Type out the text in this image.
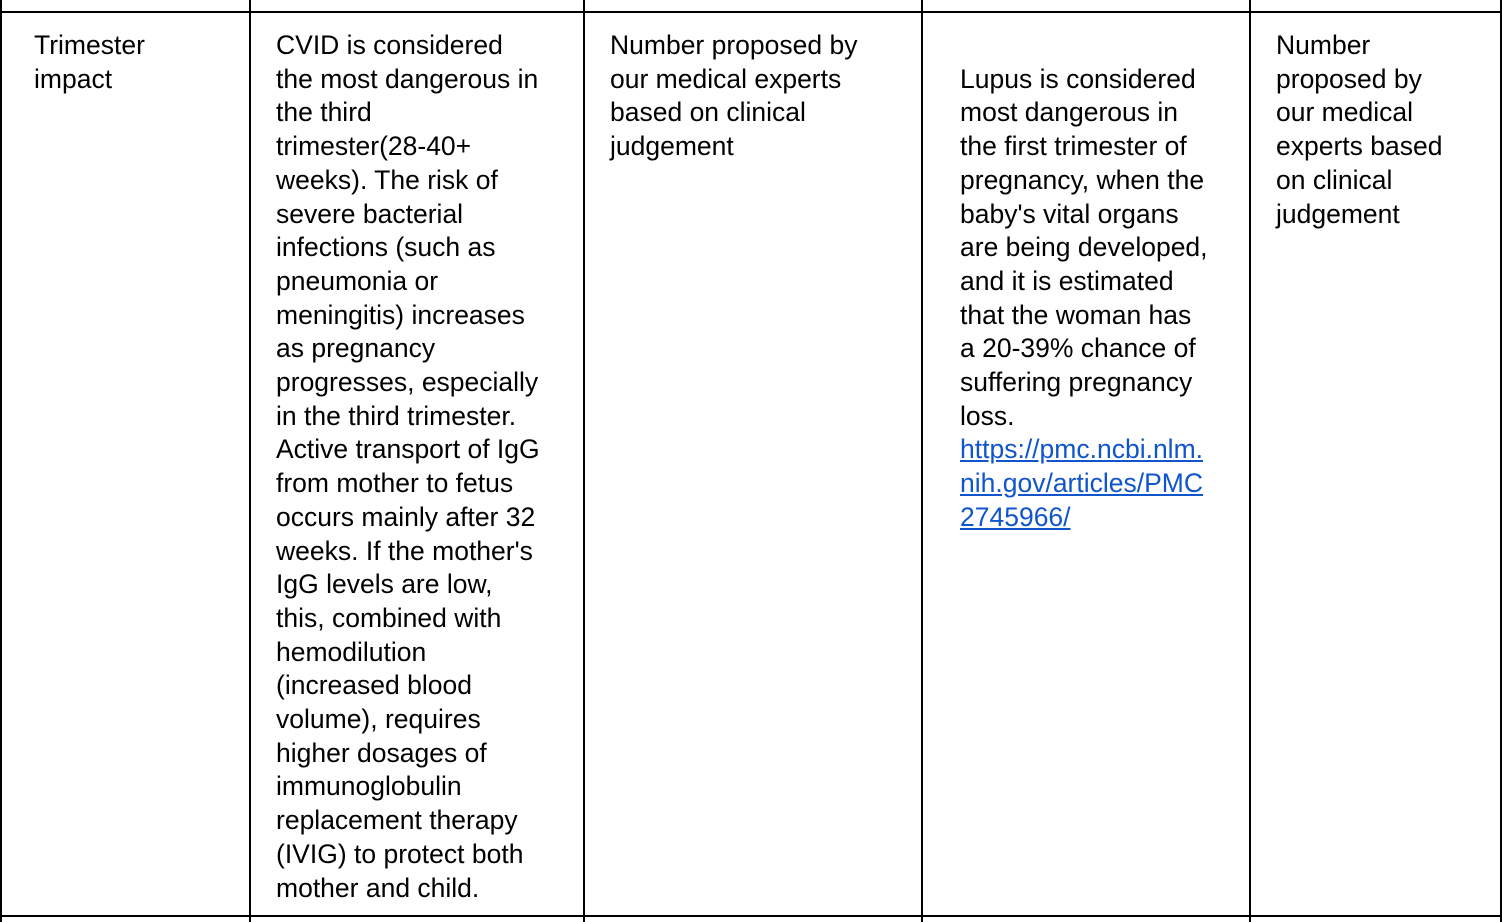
Trimester
impact
CVID is considered
the most dangerous in
the third
trimester(28-40+
weeks). The risk of
severe bacterial
infections (such as
pneumonia or
meningitis) increases
as pregnancy
progresses, especially
in the third trimester.
Active transport of IgG
from mother to fetus
occurs mainly after 32
weeks. If the mother's
IgG levels are low,
this, combined with
hemodilution
(increased blood
volume), requires
higher dosages of
immunoglobulin
replacement therapy
(IVIG) to protect both
mother and child.
Number proposed by
our medical experts
based on clinical
judgement

Lupus is considered
most dangerous in
the first trimester of
pregnancy, when the
baby's vital organs
are being developed,
and it is estimated
that the woman has
a 20-39% chance of
suffering pregnancy
loss.
https://pmc.ncbi.nlm.
nih.gov/articles/PMC
2745966/

Number
proposed by
our medical
experts based
on clinical
judgement
